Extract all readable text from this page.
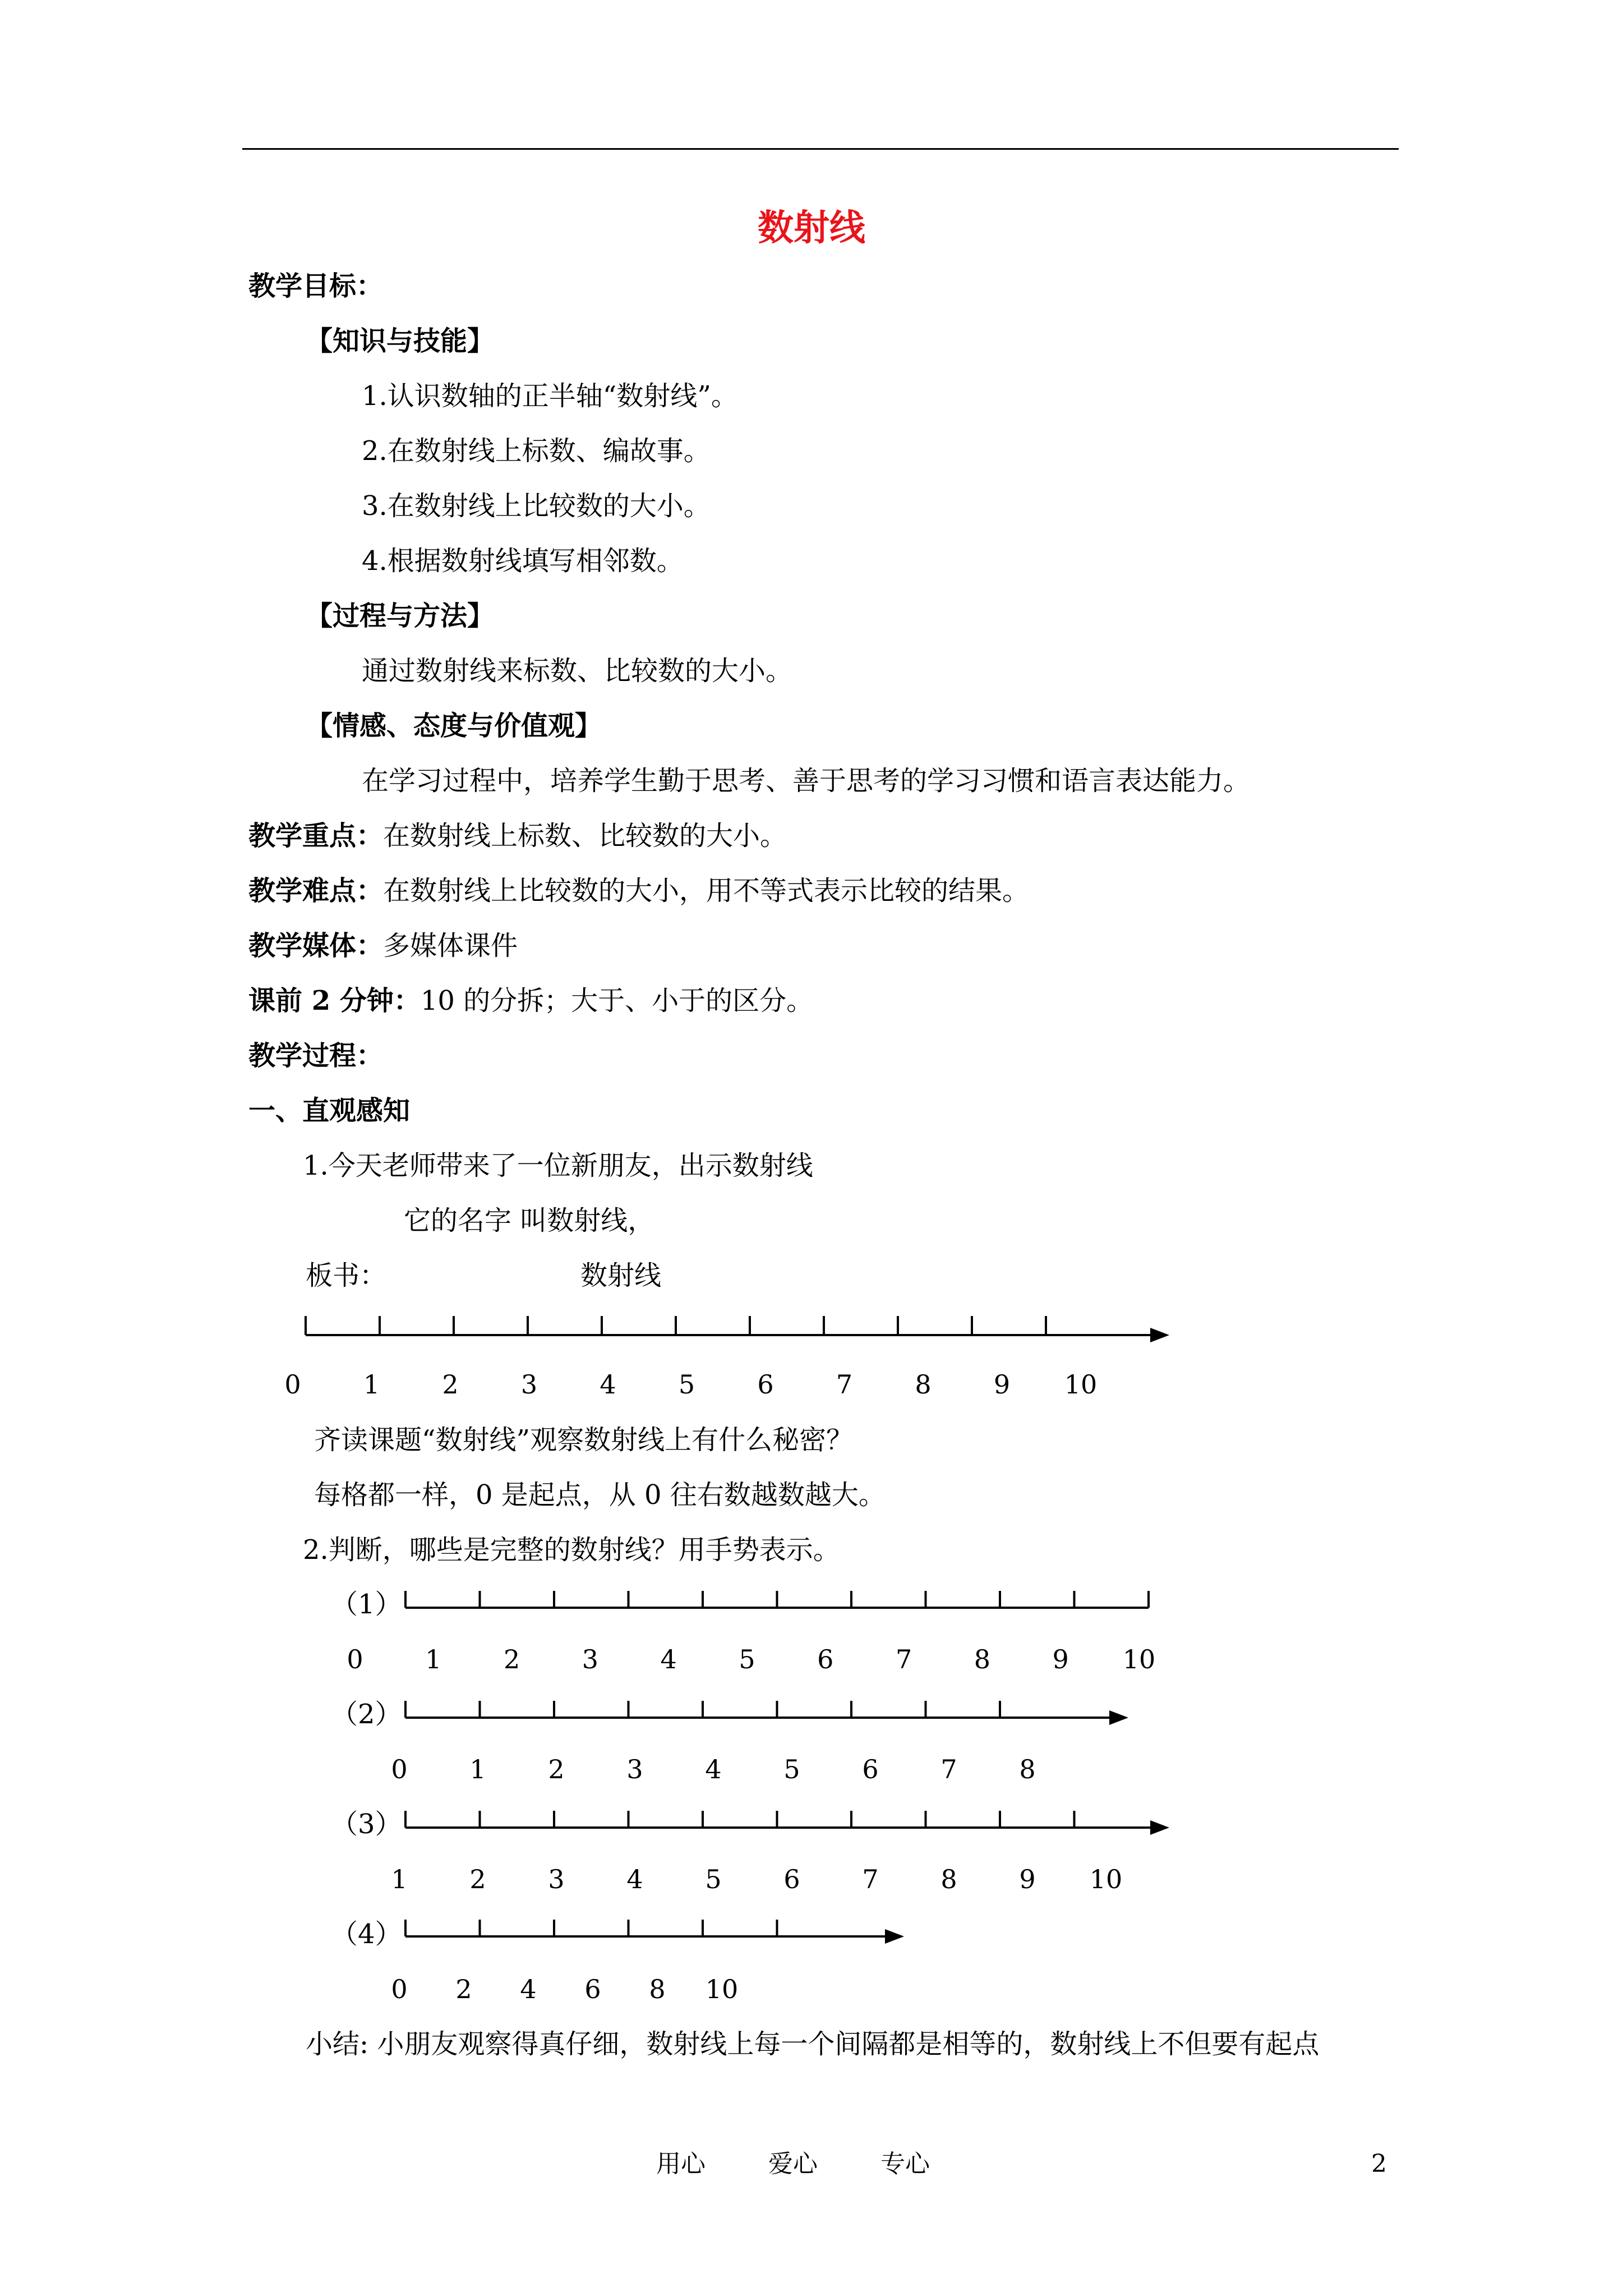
数射线
教学目标：
【知识与技能】
1.认识数轴的正半轴“数射线”。
2.在数射线上标数、编故事。
3.在数射线上比较数的大小。
4.根据数射线填写相邻数。
【过程与方法】
通过数射线来标数、比较数的大小。
【情感、态度与价值观】
在学习过程中，培养学生勤于思考、善于思考的学习习惯和语言表达能力。
教学重点：在数射线上标数、比较数的大小。
教学难点：在数射线上比较数的大小，用不等式表示比较的结果。
教学媒体：多媒体课件
课前 2 分钟：10 的分拆；大于、小于的区分。
教学过程：
一、直观感知
1.今天老师带来了一位新朋友，出示数射线
它的名字 叫数射线，
板书：	数射线
齐读课题“数射线”观察数射线上有什么秘密？
每格都一样，0 是起点，从 0 往右数越数越大。
2.判断，哪些是完整的数射线？用手势表示。
（1）
（2）
（3）
（4）
小结: 小朋友观察得真仔细，数射线上每一个间隔都是相等的，数射线上不但要有起点
0 1 2 3 4 5 6 7 8 9 10
0 1 2 3 4 5 6 7 8 9 10
0 1 2 3 4 5 6 7 8
1 2 3 4 5 6 7 8 9 10
0 2 4 6 8 10
用心	爱心	专心	2
